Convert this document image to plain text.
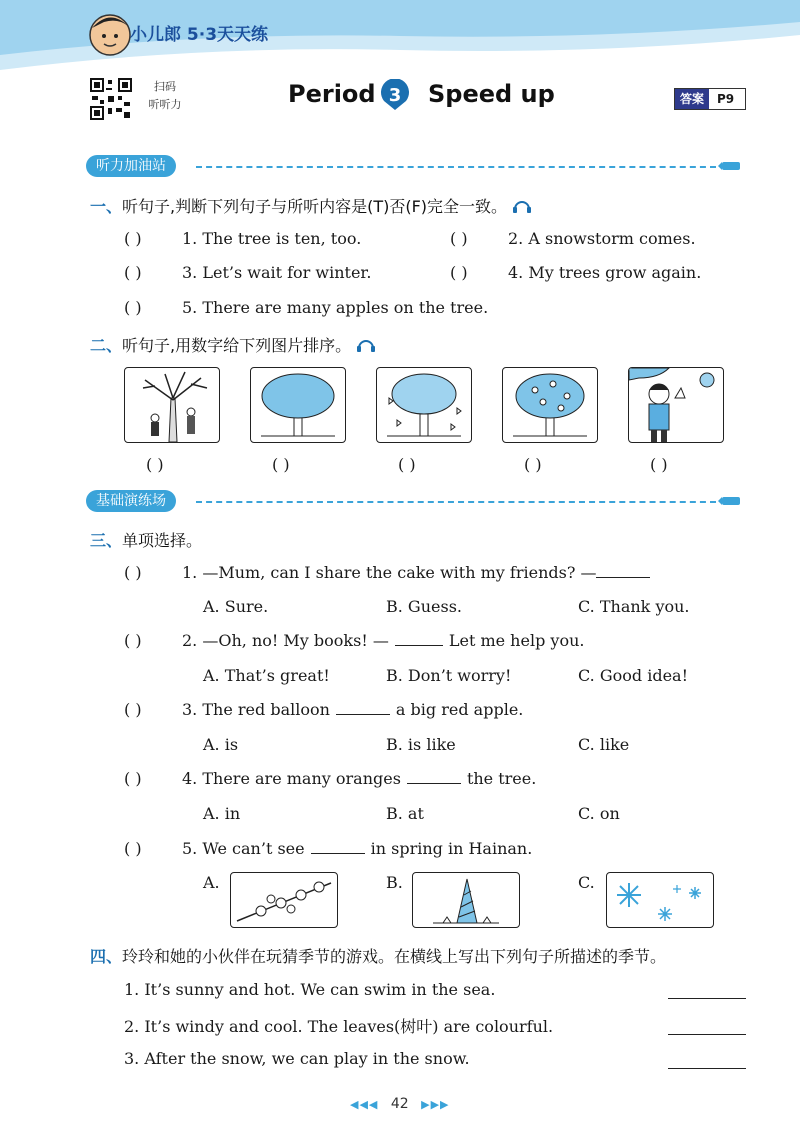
小儿郎 5·3天天练
扫码
听听力	Period 3 Speed up	答案	P9
听力加油站
一、听句子,判断下列句子与所听内容是(T)否(F)完全一致。
( )	1. The tree is ten, too.	( )	2. A snowstorm comes.
( )	3. Let’s wait for winter.	( )	4. My trees grow again.
( )	5. There are many apples on the tree.
二、听句子,用数字给下列图片排序。
( )	( )	( )	( )	( )
基础演练场
三、单项选择。
( )	1. —Mum, can I share the cake with my friends? —
A. Sure.	B. Guess.	C. Thank you.
( )	2. —Oh, no! My books! —	Let me help you.
A. That’s great!	B. Don’t worry!	C. Good idea!
( )	3. The red balloon	a big red apple.
A. is	B. is like	C. like
( )	4. There are many oranges	the tree.
A. in	B. at	C. on
( )	5. We can’t see	in spring in Hainan.
A.	B.	C.
四、玲玲和她的小伙伴在玩猜季节的游戏。在横线上写出下列句子所描述的季节。
1. It’s sunny and hot. We can swim in the sea.
2. It’s windy and cool. The leaves(树叶) are colourful.
3. After the snow, we can play in the snow.
◀◀◀ 42 ▶▶▶
